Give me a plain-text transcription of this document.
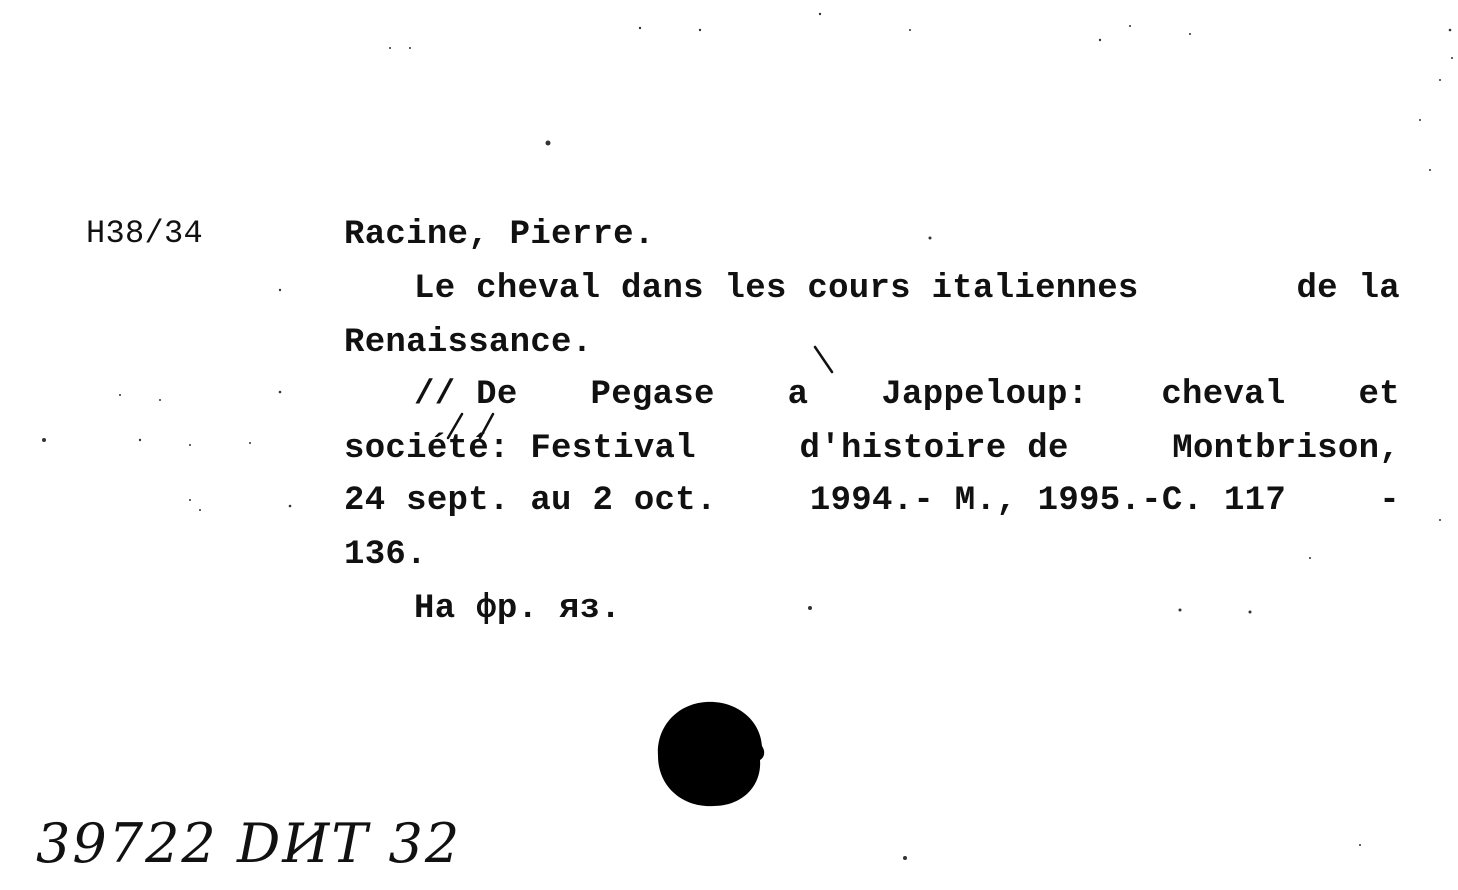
H38/34	Racine, Pierre.
Le cheval dans les cours italiennes	de la
Renaissance.
// De Pegase a Jappeloup: cheval et
société: Festival	d'histoire de	Montbrison,
24 sept. au 2 oct.	1994.- M., 1995.-C. 117	-
136.
На фр. яз.
39722 DИТ 32
